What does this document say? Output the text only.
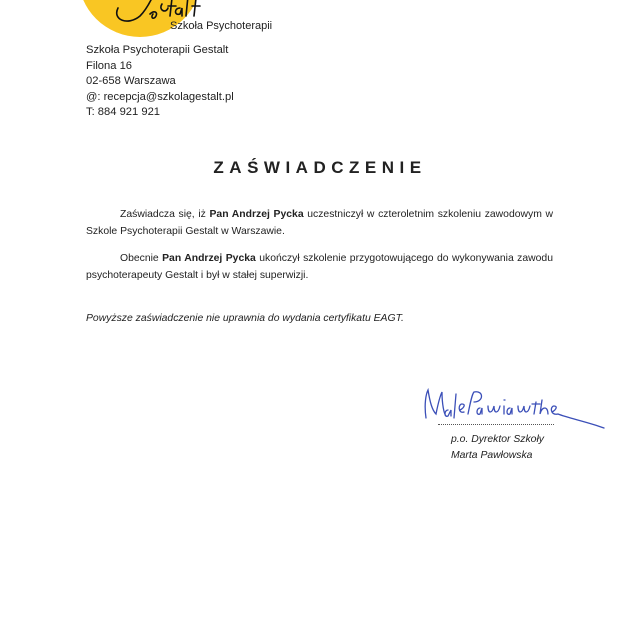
Szkoła Psychoterapii
Szkoła Psychoterapii Gestalt
Filona 16
02-658 Warszawa
@: recepcja@szkolagestalt.pl
T: 884 921 921
ZAŚWIADCZENIE
Zaświadcza się, iż Pan Andrzej Pycka uczestniczył w czteroletnim szkoleniu zawodowym w Szkole Psychoterapii Gestalt w Warszawie.
Obecnie Pan Andrzej Pycka ukończył szkolenie przygotowującego do wykonywania zawodu psychoterapeuty Gestalt i był w stałej superwizji.
Powyższe zaświadczenie nie uprawnia do wydania certyfikatu EAGT.
p.o. Dyrektor Szkoły
Marta Pawłowska
